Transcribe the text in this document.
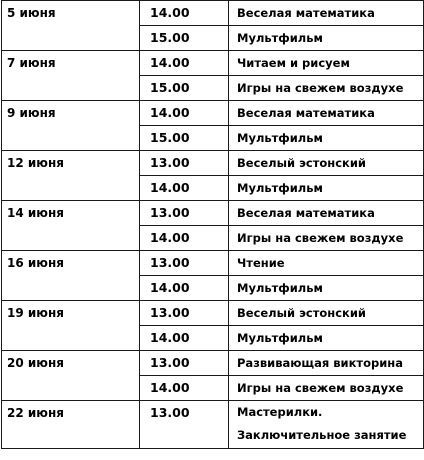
5 июня	14.00	Веселая математика
	15.00	Мультфильм
7 июня	14.00	Читаем и рисуем
	15.00	Игры на свежем воздухе
9 июня	14.00	Веселая математика
	15.00	Мультфильм
12 июня	13.00	Веселый эстонский
	14.00	Мультфильм
14 июня	13.00	Веселая математика
	14.00	Игры на свежем воздухе
16 июня	13.00	Чтение
	14.00	Мультфильм
19 июня	13.00	Веселый эстонский
	14.00	Мультфильм
20 июня	13.00	Развивающая викторина
	14.00	Игры на свежем воздухе
22 июня	13.00	Мастерилки. Заключительное занятие
